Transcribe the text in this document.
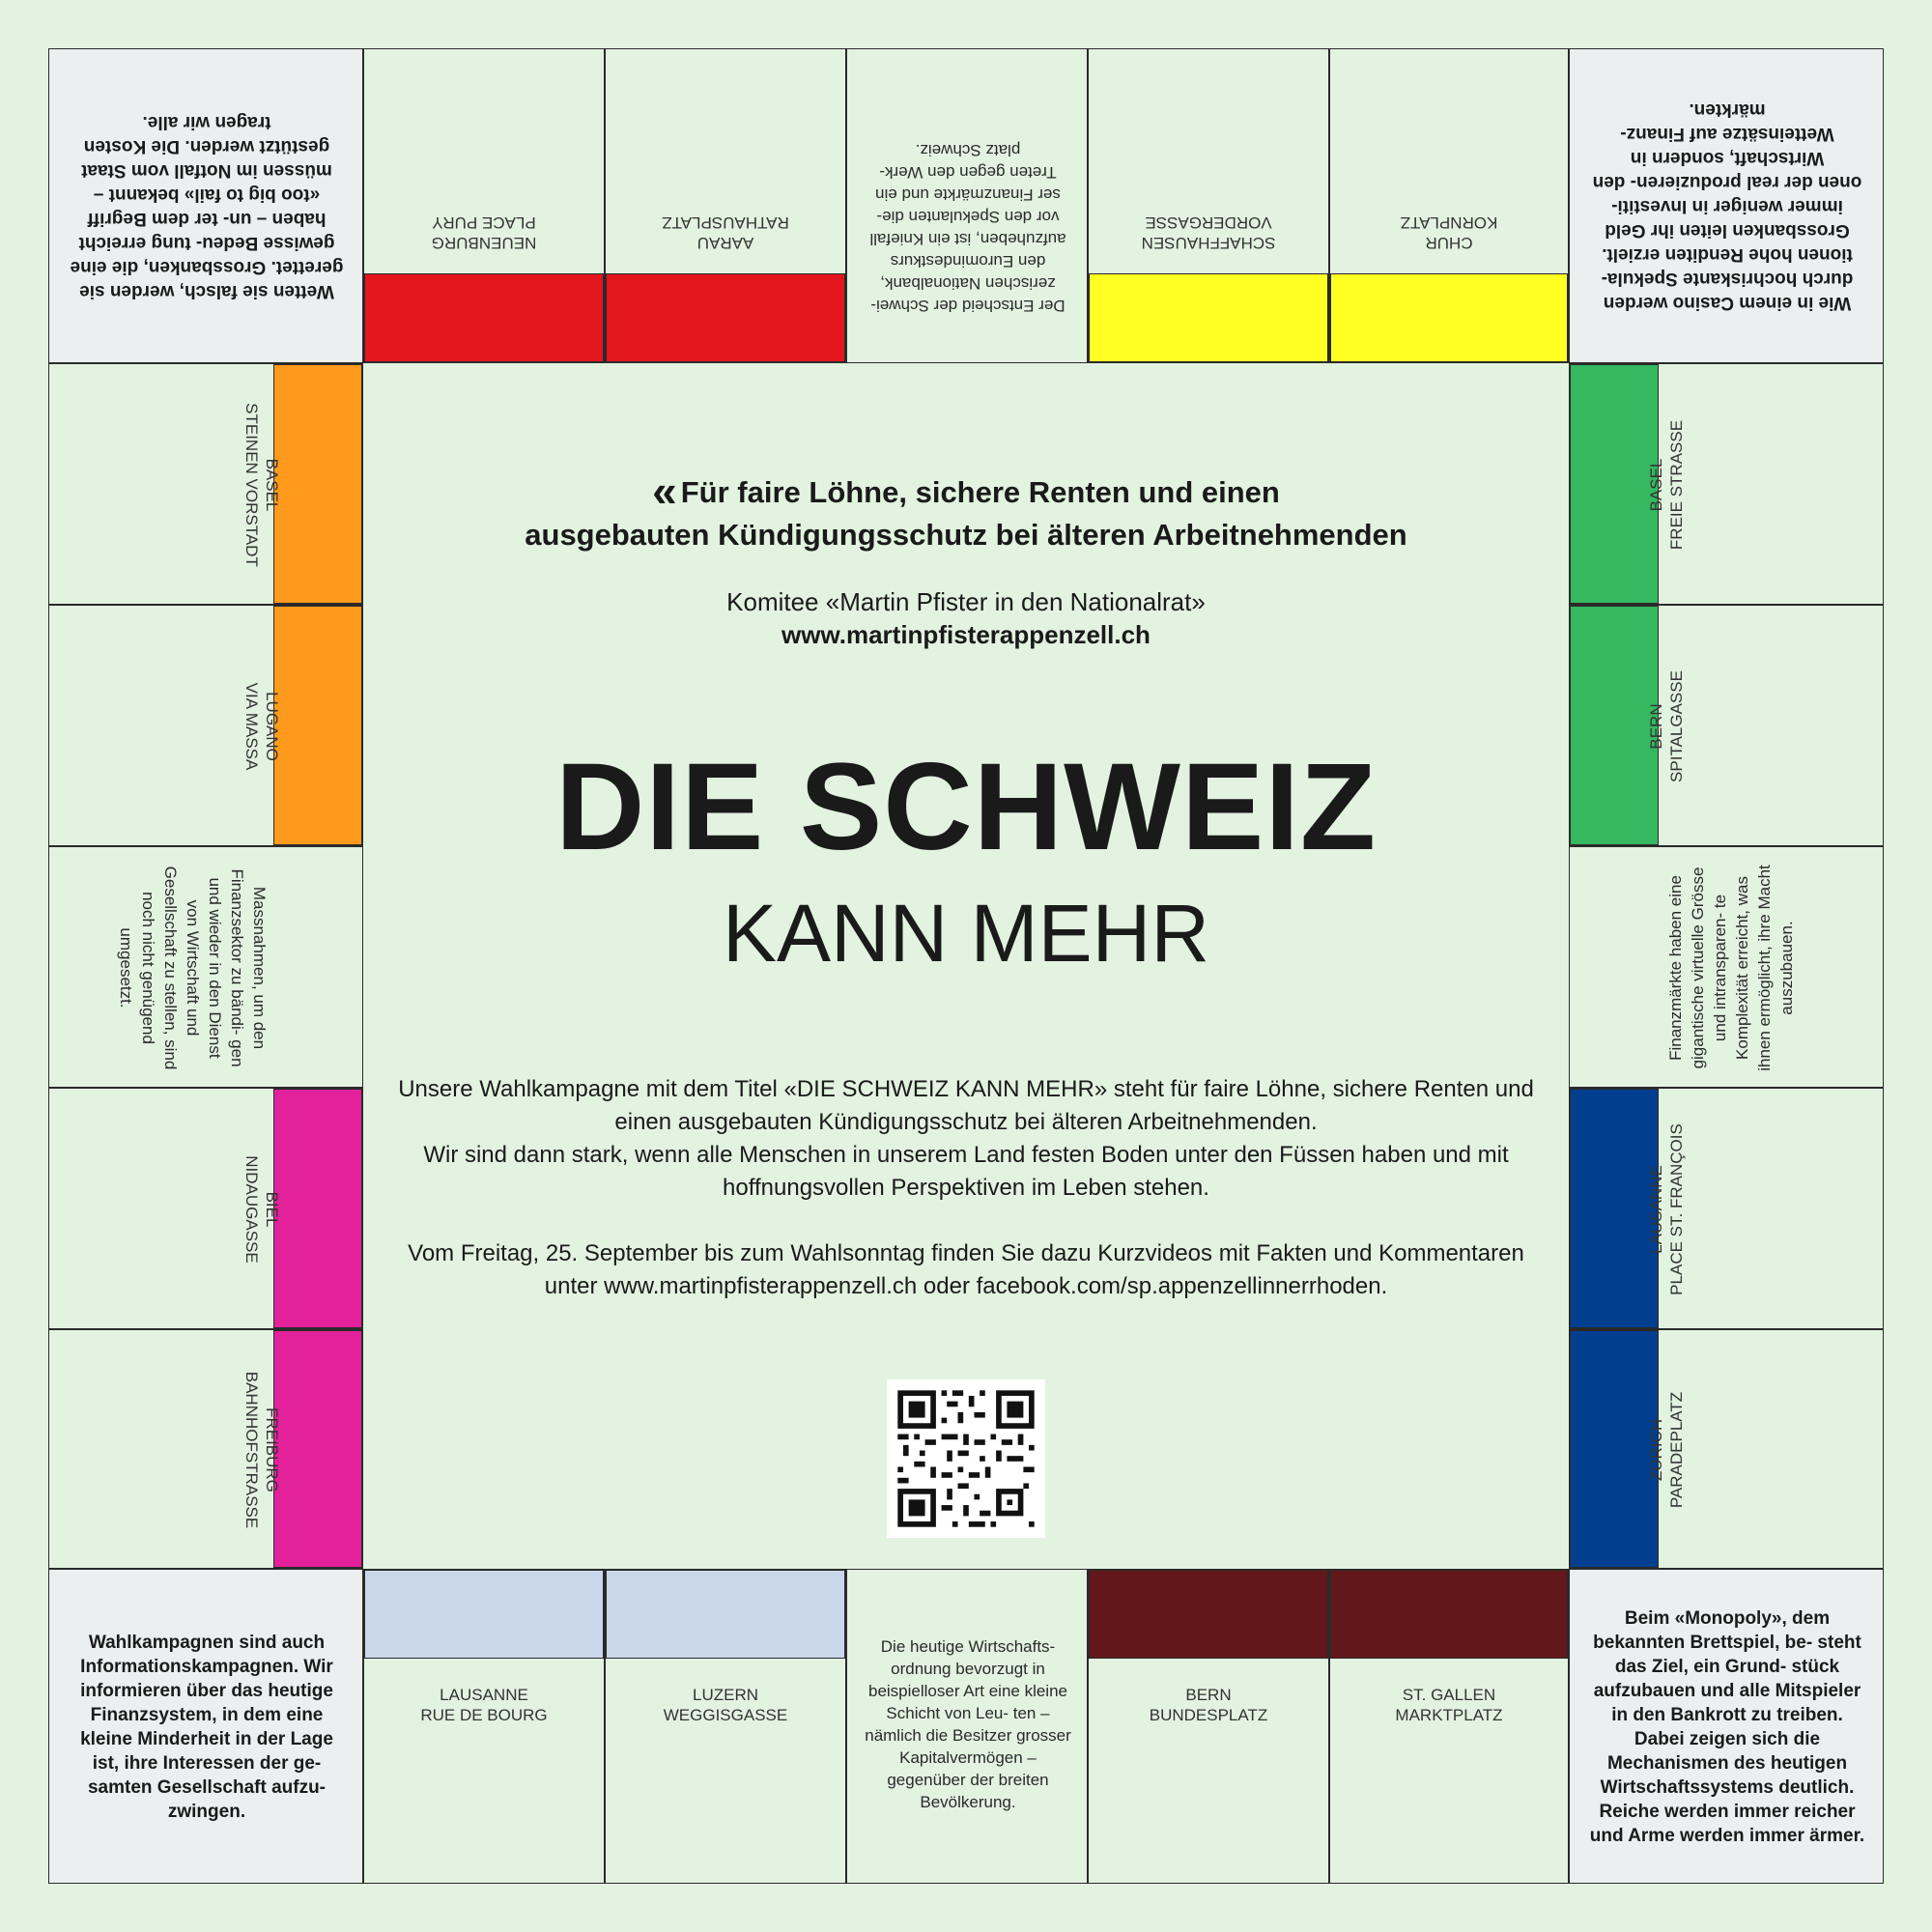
Wetten sie falsch, werden sie gerettet. Grossbanken, die eine gewisse Bedeu- tung erreicht haben – un- ter dem Begriff «too big to fail» bekannt – müssen im Notfall vom Staat gestützt werden. Die Kosten tragen wir alle.
Wie in einem Casino werden durch hochriskante Spekula- tionen hohe Renditen erzielt. Grossbanken leiten ihr Geld immer weniger in Investiti- onen der real produzieren- den Wirtschaft, sondern in Wetteinsätze auf Finanz- märkten.
Wahlkampagnen sind auch Informationskampagnen. Wir informieren über das heutige Finanzsystem, in dem eine kleine Minderheit in der Lage ist, ihre Interessen der ge- samten Gesellschaft aufzu- zwingen.
Beim «Monopoly», dem bekannten Brettspiel, be- steht das Ziel, ein Grund- stück aufzubauen und alle Mitspieler in den Bankrott zu treiben. Dabei zeigen sich die Mechanismen des heutigen Wirtschaftssystems deutlich. Reiche werden immer reicher und Arme werden immer ärmer.
NEUENBURG
PLACE PURY
AARAU
RATHAUSPLATZ
Der Entscheid der Schwei- zerischen Nationalbank, den Euromindestkurs aufzuheben, ist ein Kniefall vor den Spekulanten die- ser Finanzmärkte und ein Treten gegen den Werk- platz Schweiz.
SCHAFFHAUSEN
VORDERGASSE
CHUR
KORNPLATZ
BASEL
STEINEN VORSTADT
LUGANO
VIA MASSA
Massnahmen, um den Finanzsektor zu bändi- gen und wieder in den Dienst von Wirtschaft und Gesellschaft zu stellen, sind noch nicht genügend umgesetzt.
BIEL
NIDAUGASSE
FREIBURG
BAHNHOFSTRASSE
BASEL FREIE STRASSE
BERN SPITALGASSE
Finanzmärkte haben eine gigantische virtuelle Grösse und intransparen- te Komplexität erreicht, was ihnen ermöglicht, ihre Macht auszubauen.
LAUSANNE PLACE ST. FRANÇOIS
ZÜRICH PARADEPLATZ
LAUSANNE
RUE DE BOURG
LUZERN
WEGGISGASSE
Die heutige Wirtschafts- ordnung bevorzugt in beispielloser Art eine kleine Schicht von Leu- ten – nämlich die Besitzer grosser Kapitalvermögen – gegenüber der breiten Bevölkerung.
BERN
BUNDESPLATZ
ST. GALLEN
MARKTPLATZ
« Für faire Löhne, sichere Renten und einen
ausgebauten Kündigungsschutz bei älteren Arbeitnehmenden
Komitee «Martin Pfister in den Nationalrat»
www.martinpfisterappenzell.ch
DIE SCHWEIZ
KANN MEHR

Unsere Wahlkampagne mit dem Titel «DIE SCHWEIZ KANN MEHR» steht für faire Löhne, sichere Renten und einen ausgebauten Kündigungsschutz bei älteren Arbeitnehmenden.

Wir sind dann stark, wenn alle Menschen in unserem Land festen Boden unter den Füssen haben und mit hoffnungsvollen Perspektiven im Leben stehen.

Vom Freitag, 25. September bis zum Wahlsonntag finden Sie dazu Kurzvideos mit Fakten und Kommentaren unter www.martinpfisterappenzell.ch oder facebook.com/sp.appenzellinnerrhoden.
